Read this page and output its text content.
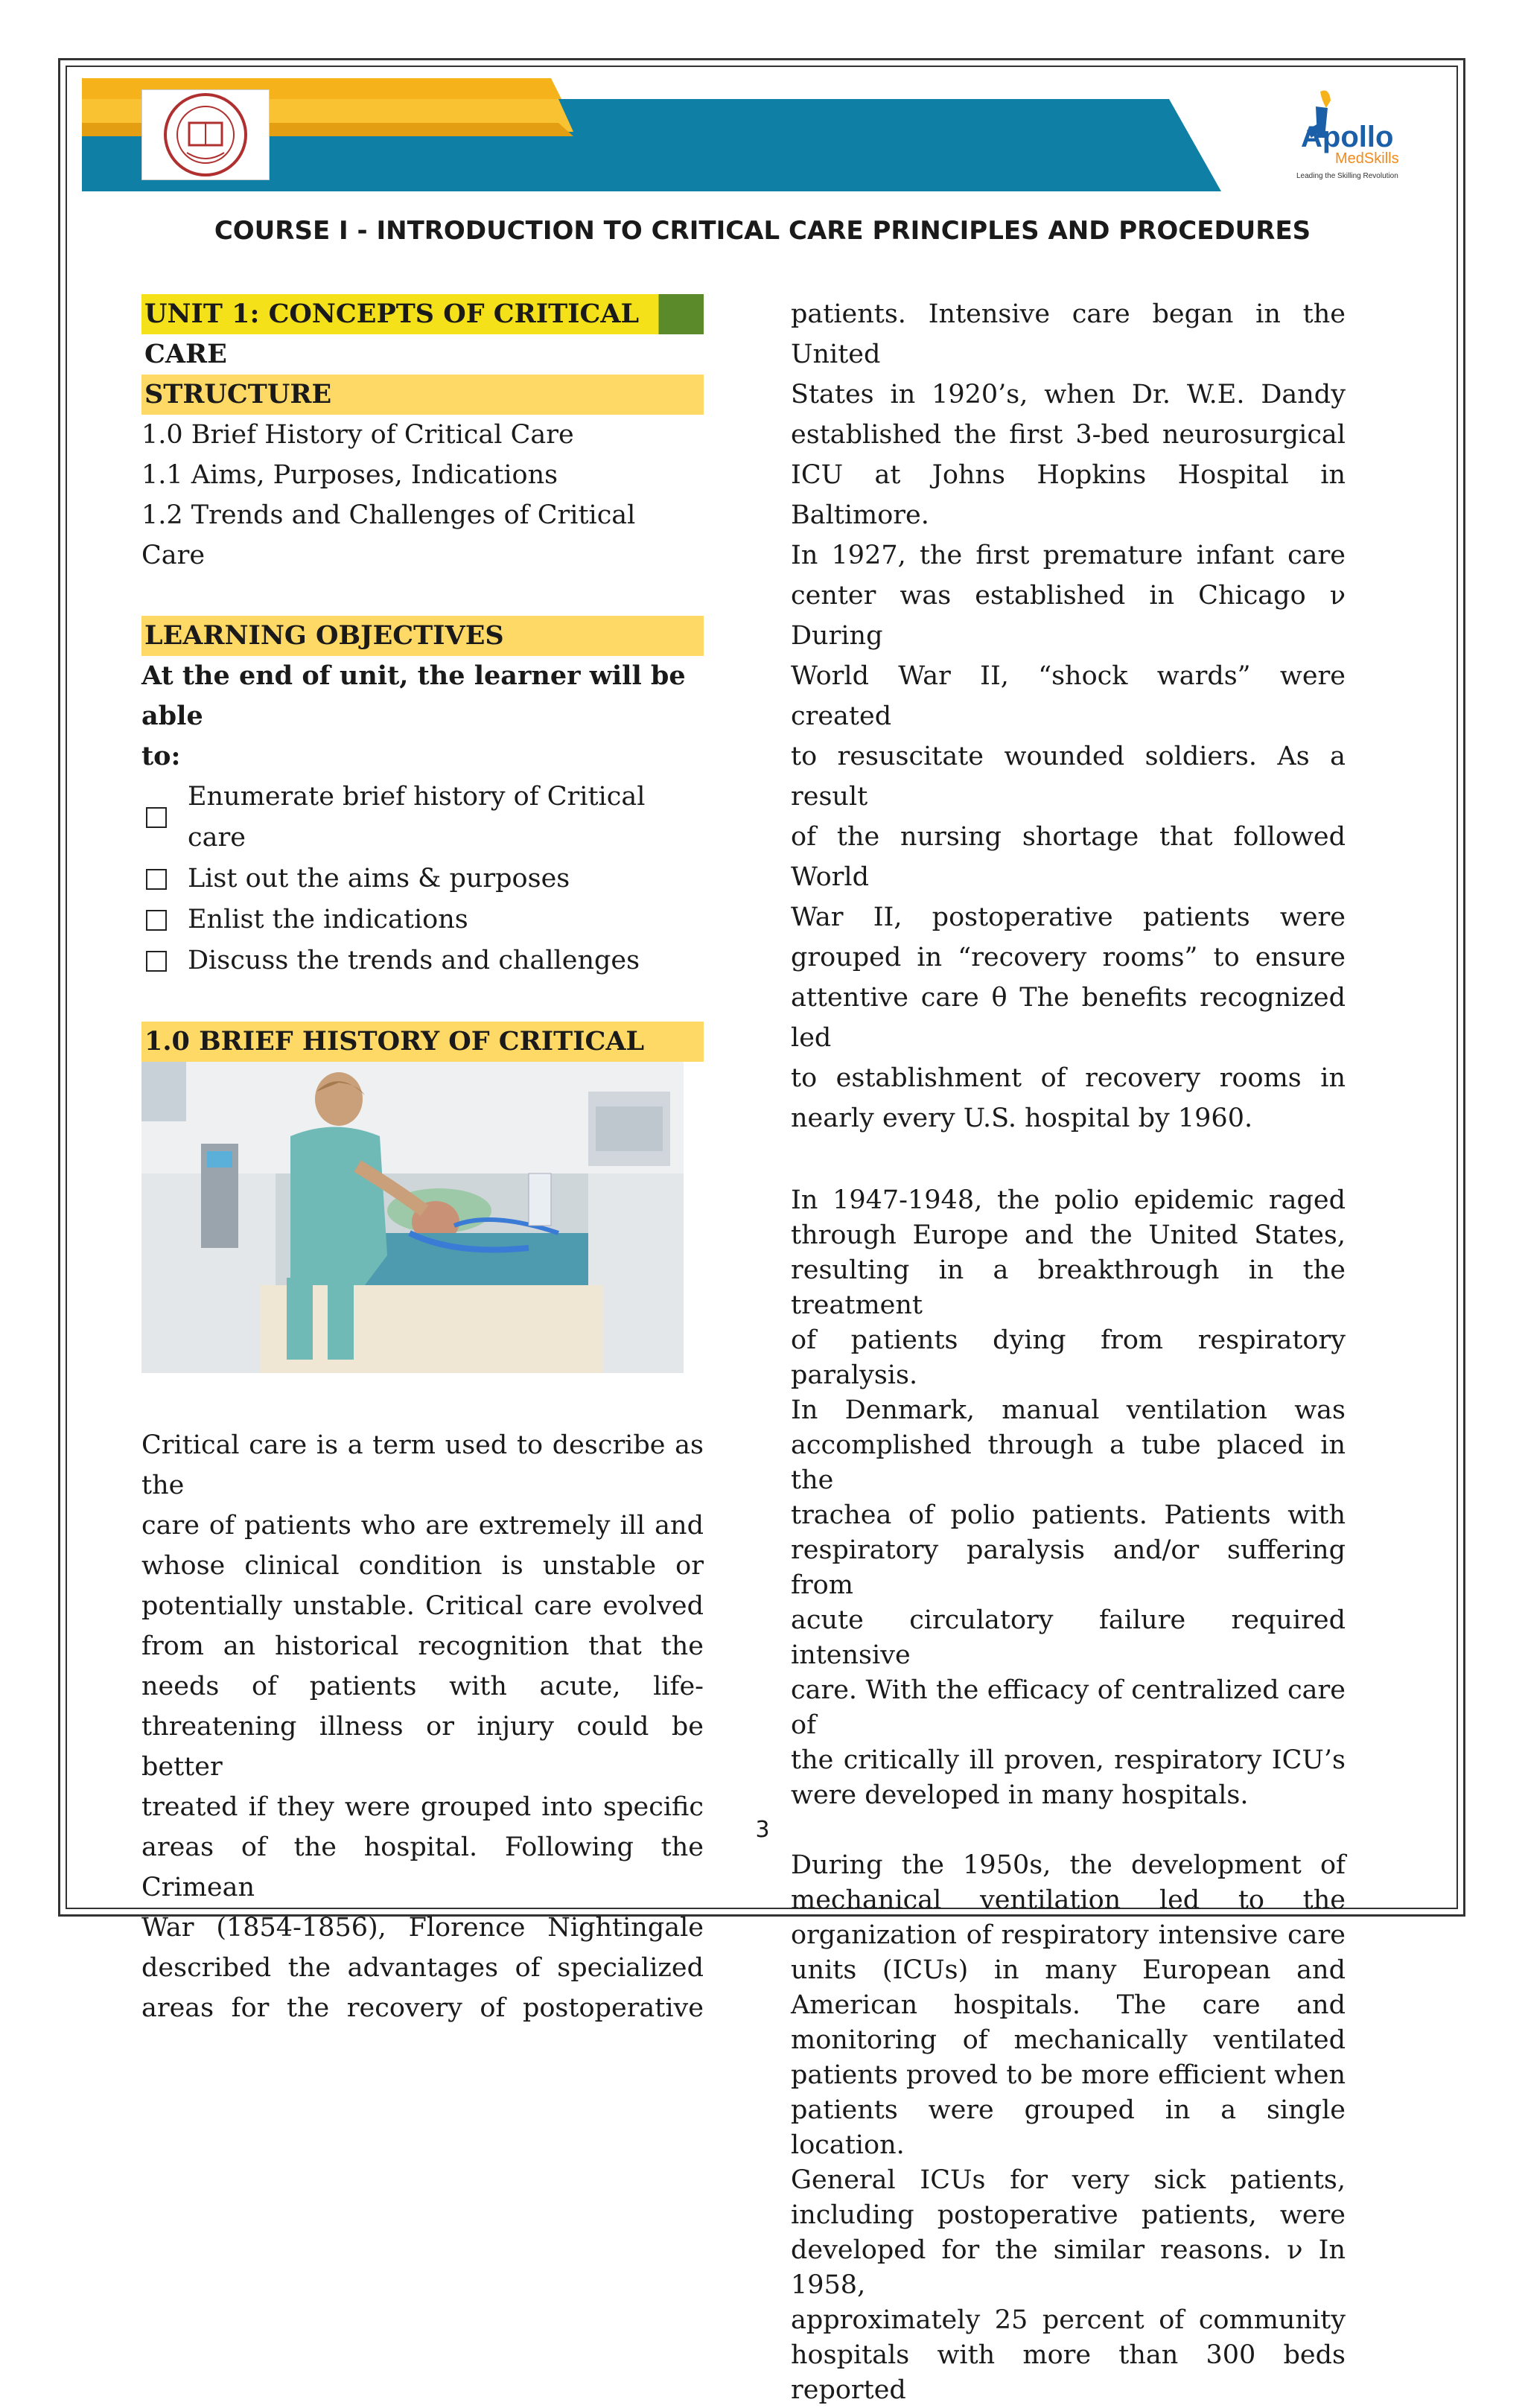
Apollo
MedSkills
Leading the Skilling Revolution
COURSE I - INTRODUCTION TO CRITICAL CARE PRINCIPLES AND PROCEDURES
UNIT 1: CONCEPTS OF CRITICAL CARE
STRUCTURE
1.0 Brief History of Critical Care
1.1 Aims, Purposes, Indications
1.2 Trends and Challenges of Critical Care
LEARNING OBJECTIVES
At the end of unit, the learner will be able
to:
Enumerate brief history of Critical care
List out the aims & purposes
Enlist the indications
Discuss the trends and challenges
1.0 BRIEF HISTORY OF CRITICAL
Critical care is a term used to describe as the
care of patients who are extremely ill and
whose clinical condition is unstable or
potentially unstable. Critical care evolved
from an historical recognition that the
needs of patients with acute, life-
threatening illness or injury could be better
treated if they were grouped into specific
areas of the hospital. Following the Crimean
War (1854-1856), Florence Nightingale
described the advantages of specialized
areas for the recovery of postoperative
patients. Intensive care began in the United
States in 1920’s, when Dr. W.E. Dandy
established the first 3-bed neurosurgical
ICU at Johns Hopkins Hospital in Baltimore.
In 1927, the first premature infant care
center was established in Chicago ν During
World War II, “shock wards” were created
to resuscitate wounded soldiers. As a result
of the nursing shortage that followed World
War II, postoperative patients were
grouped in “recovery rooms” to ensure
attentive care θ The benefits recognized led
to establishment of recovery rooms in
nearly every U.S. hospital by 1960.
In 1947-1948, the polio epidemic raged
through Europe and the United States,
resulting in a breakthrough in the treatment
of patients dying from respiratory paralysis.
In Denmark, manual ventilation was
accomplished through a tube placed in the
trachea of polio patients. Patients with
respiratory paralysis and/or suffering from
acute circulatory failure required intensive
care. With the efficacy of centralized care of
the critically ill proven, respiratory ICU’s
were developed in many hospitals.
During the 1950s, the development of
mechanical ventilation led to the
organization of respiratory intensive care
units (ICUs) in many European and
American hospitals. The care and
monitoring of mechanically ventilated
patients proved to be more efficient when
patients were grouped in a single location.
General ICUs for very sick patients,
including postoperative patients, were
developed for the similar reasons. ν In 1958,
approximately 25 percent of community
hospitals with more than 300 beds reported
3
